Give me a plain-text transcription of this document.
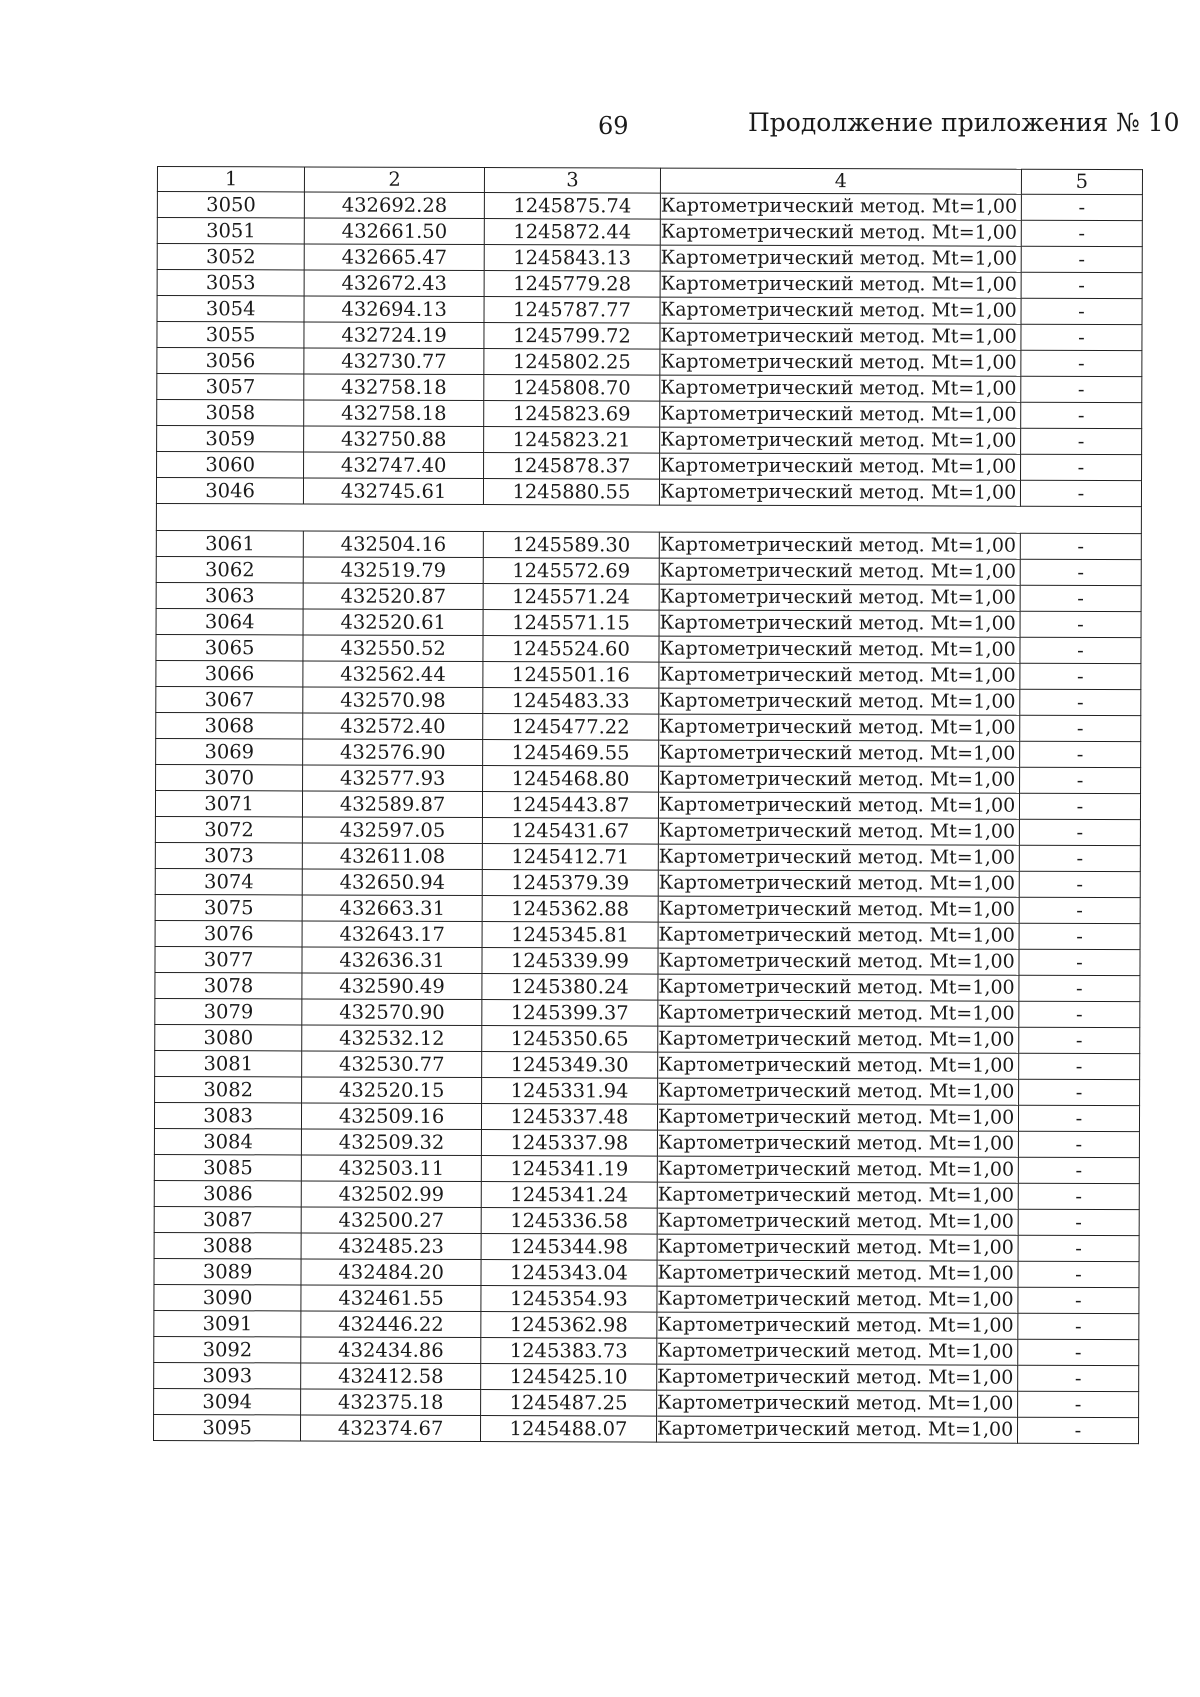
69	Продолжение приложения № 10
1	2	3	4	5
3050	432692.28	1245875.74	Картометрический метод. Mt=1,00	-
3051	432661.50	1245872.44	Картометрический метод. Mt=1,00	-
3052	432665.47	1245843.13	Картометрический метод. Mt=1,00	-
3053	432672.43	1245779.28	Картометрический метод. Mt=1,00	-
3054	432694.13	1245787.77	Картометрический метод. Mt=1,00	-
3055	432724.19	1245799.72	Картометрический метод. Mt=1,00	-
3056	432730.77	1245802.25	Картометрический метод. Mt=1,00	-
3057	432758.18	1245808.70	Картометрический метод. Mt=1,00	-
3058	432758.18	1245823.69	Картометрический метод. Mt=1,00	-
3059	432750.88	1245823.21	Картометрический метод. Mt=1,00	-
3060	432747.40	1245878.37	Картометрический метод. Mt=1,00	-
3046	432745.61	1245880.55	Картометрический метод. Mt=1,00	-

3061	432504.16	1245589.30	Картометрический метод. Mt=1,00	-
3062	432519.79	1245572.69	Картометрический метод. Mt=1,00	-
3063	432520.87	1245571.24	Картометрический метод. Mt=1,00	-
3064	432520.61	1245571.15	Картометрический метод. Mt=1,00	-
3065	432550.52	1245524.60	Картометрический метод. Mt=1,00	-
3066	432562.44	1245501.16	Картометрический метод. Mt=1,00	-
3067	432570.98	1245483.33	Картометрический метод. Mt=1,00	-
3068	432572.40	1245477.22	Картометрический метод. Mt=1,00	-
3069	432576.90	1245469.55	Картометрический метод. Mt=1,00	-
3070	432577.93	1245468.80	Картометрический метод. Mt=1,00	-
3071	432589.87	1245443.87	Картометрический метод. Mt=1,00	-
3072	432597.05	1245431.67	Картометрический метод. Mt=1,00	-
3073	432611.08	1245412.71	Картометрический метод. Mt=1,00	-
3074	432650.94	1245379.39	Картометрический метод. Mt=1,00	-
3075	432663.31	1245362.88	Картометрический метод. Mt=1,00	-
3076	432643.17	1245345.81	Картометрический метод. Mt=1,00	-
3077	432636.31	1245339.99	Картометрический метод. Mt=1,00	-
3078	432590.49	1245380.24	Картометрический метод. Mt=1,00	-
3079	432570.90	1245399.37	Картометрический метод. Mt=1,00	-
3080	432532.12	1245350.65	Картометрический метод. Mt=1,00	-
3081	432530.77	1245349.30	Картометрический метод. Mt=1,00	-
3082	432520.15	1245331.94	Картометрический метод. Mt=1,00	-
3083	432509.16	1245337.48	Картометрический метод. Mt=1,00	-
3084	432509.32	1245337.98	Картометрический метод. Mt=1,00	-
3085	432503.11	1245341.19	Картометрический метод. Mt=1,00	-
3086	432502.99	1245341.24	Картометрический метод. Mt=1,00	-
3087	432500.27	1245336.58	Картометрический метод. Mt=1,00	-
3088	432485.23	1245344.98	Картометрический метод. Mt=1,00	-
3089	432484.20	1245343.04	Картометрический метод. Mt=1,00	-
3090	432461.55	1245354.93	Картометрический метод. Mt=1,00	-
3091	432446.22	1245362.98	Картометрический метод. Mt=1,00	-
3092	432434.86	1245383.73	Картометрический метод. Mt=1,00	-
3093	432412.58	1245425.10	Картометрический метод. Mt=1,00	-
3094	432375.18	1245487.25	Картометрический метод. Mt=1,00	-
3095	432374.67	1245488.07	Картометрический метод. Mt=1,00	-
